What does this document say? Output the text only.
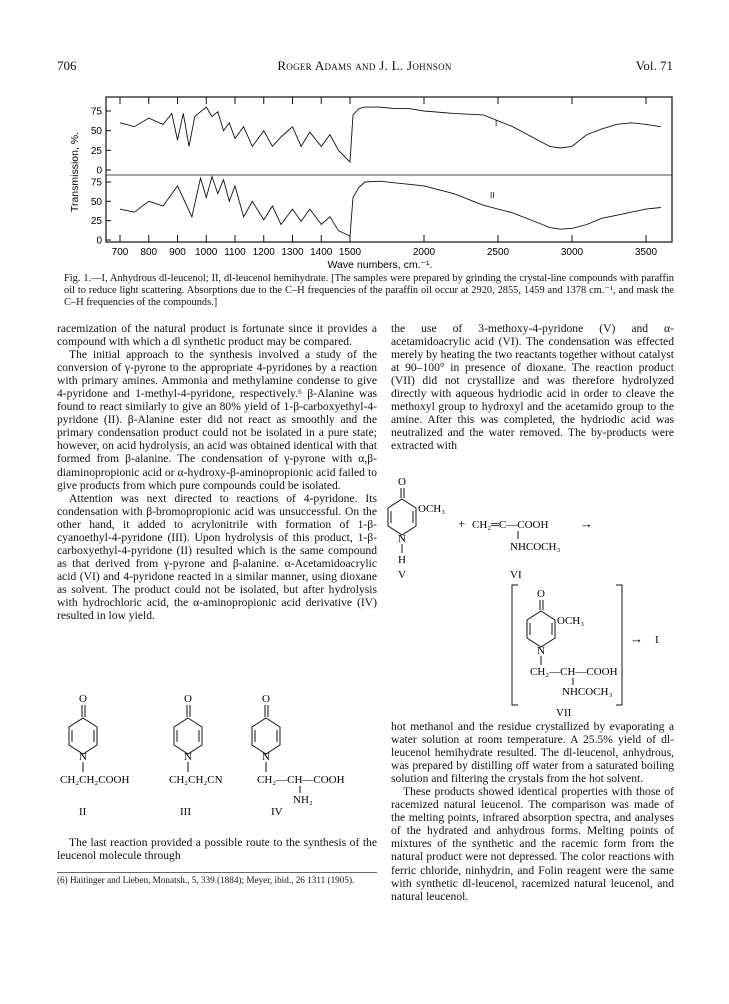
706	Roger Adams and J. L. Johnson	Vol. 71
700 800 900 1000 1100 1200 1300 1400 1500	2000	2500	3000	3500
0
25
50
75
0
25
50
75
Wave numbers, cm.⁻¹.
Transmission, %.
I
II
Fig. 1.—I, Anhydrous dl-leucenol; II, dl-leucenol hemihydrate. [The samples were prepared by grinding the crystal-line compounds with paraffin oil to reduce light scattering. Absorptions due to the C–H frequencies of the paraffin oil occur at 2920, 2855, 1459 and 1378 cm.⁻¹, and mask the C–H frequencies of the compounds.]

racemization of the natural product is fortunate since it provides a compound with which a dl synthetic product may be compared.

The initial approach to the synthesis involved a study of the conversion of γ-pyrone to the appropriate 4-pyridones by a reaction with primary amines. Ammonia and methylamine condense to give 4-pyridone and 1-methyl-4-pyridone, respectively.⁶ β-Alanine was found to react similarly to give an 80% yield of 1-β-carboxyethyl-4-pyridone (II). β-Alanine ester did not react as smoothly and the primary condensation product could not be isolated in a pure state; however, on acid hydrolysis, an acid was obtained identical with that formed from β-alanine. The condensation of γ-pyrone with α,β-diaminopropionic acid or α-hydroxy-β-aminopropionic acid failed to give products from which pure compounds could be isolated.

Attention was next directed to reactions of 4-pyridone. Its condensation with β-bromopropionic acid was unsuccessful. On the other hand, it added to acrylonitrile with formation of 1-β-cyanoethyl-4-pyridone (III). Upon hydrolysis of this product, 1-β-carboxyethyl-4-pyridone (II) resulted which is the same compound as that derived from γ-pyrone and β-alanine. α-Acetamidoacrylic acid (VI) and 4-pyridone reacted in a similar manner, using dioxane as solvent. The product could not be isolated, but after hydrolysis with hydrochloric acid, the α-aminopropionic acid derivative (IV) resulted in low yield.

O
N
CH₂CH₂COOH
II
O
N
CH₂CH₂CN
III
O
N
CH₂—CH—COOH
NH₂
IV

The last reaction provided a possible route to the synthesis of the leucenol molecule through

(6) Haitinger and Lieben, Monatsh., 5, 339 (1884); Meyer, ibid., 26 1311 (1905).

the use of 3-methoxy-4-pyridone (V) and α-acetamidoacrylic acid (VI). The condensation was effected merely by heating the two reactants together without catalyst at 90–100° in presence of dioxane. The reaction product (VII) did not crystallize and was therefore hydrolyzed directly with aqueous hydriodic acid in order to cleave the methoxyl group to hydroxyl and the acetamido group to the amine. After this was completed, the hydriodic acid was neutralized and the water removed. The by-products were extracted with

O
OCH₃
N
H
V
+ CH₂═C—COOH
NHCOCH₃
VI
→
O
OCH₃
N
CH₂—CH—COOH
NHCOCH₃
VII
→ I

hot methanol and the residue crystallized by evaporating a water solution at room temperature. A 25.5% yield of dl-leucenol hemihydrate resulted. The dl-leucenol, anhydrous, was prepared by distilling off water from a saturated boiling solution and filtering the crystals from the hot solvent.

These products showed identical properties with those of racemized natural leucenol. The comparison was made of the melting points, infrared absorption spectra, and analyses of the hydrated and anhydrous forms. Melting points of mixtures of the synthetic and the racemic form from the natural product were not depressed. The color reactions with ferric chloride, ninhydrin, and Folin reagent were the same with synthetic dl-leucenol, racemized natural leucenol, and natural leucenol.
